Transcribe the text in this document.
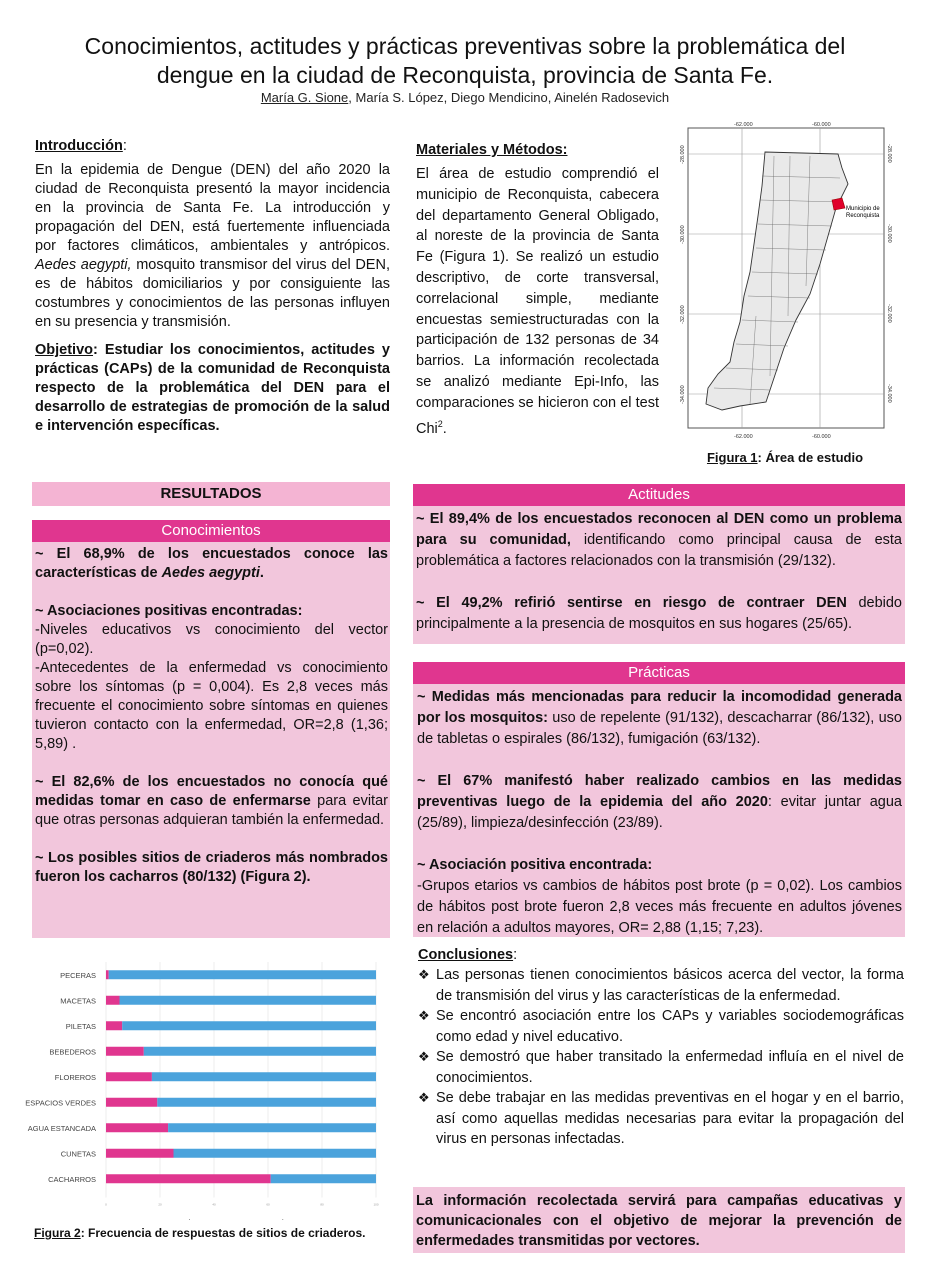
Conocimientos, actitudes y prácticas preventivas sobre la problemática del
dengue en la ciudad de Reconquista, provincia de Santa Fe.
María G. Sione, María S. López, Diego Mendicino, Ainelén Radosevich
Introducción:

En la epidemia de Dengue (DEN) del año 2020 la ciudad de Reconquista presentó la mayor incidencia en la provincia de Santa Fe. La introducción y propagación del DEN, está fuertemente influenciada por factores climáticos, ambientales y antrópicos. Aedes aegypti, mosquito transmisor del virus del DEN, es de hábitos domiciliarios y por consiguiente las costumbres y conocimientos de las personas influyen en su presencia y transmisión.

Objetivo: Estudiar los conocimientos, actitudes y prácticas (CAPs) de la comunidad de Reconquista respecto de la problemática del DEN para el desarrollo de estrategias de promoción de la salud e intervención específicas.

Materiales y Métodos:

El área de estudio comprendió el municipio de Reconquista, cabecera del departamento General Obligado, al noreste de la provincia de Santa Fe (Figura 1). Se realizó un estudio descriptivo, de corte transversal, correlacional simple, mediante encuestas semiestructuradas con la participación de 132 personas de 34 barrios. La información recolectada se analizó mediante Epi-Info, las comparaciones se hicieron con el test Chi$^2$.

Municipio de
Reconquista
-62.000	-60.000
-62.000	-60.000
-28.000
-30.000
-32.000
-34.000
-28.000
-30.000
-32.000
-34.000
Figura 1: Área de estudio
RESULTADOS
Conocimientos

~ El 68,9% de los encuestados conoce las características de Aedes aegypti.

~ Asociaciones positivas encontradas:

-Niveles educativos vs conocimiento del vector (p=0,02).

-Antecedentes de la enfermedad vs conocimiento sobre los síntomas (p = 0,004). Es 2,8 veces más frecuente el conocimiento sobre síntomas en quienes tuvieron contacto con la enfermedad, OR=2,8 (1,36; 5,89) .

~ El 82,6% de los encuestados no conocía qué medidas tomar en caso de enfermarse para evitar que otras personas adquieran también la enfermedad.

~ Los posibles sitios de criaderos más nombrados fueron los cacharros (80/132) (Figura 2).

0	20	40	60	80	100
PECERAS
MACETAS
PILETAS
BEBEDEROS
FLOREROS
ESPACIOS VERDES
AGUA ESTANCADA
CUNETAS
CACHARROS
Figura 2: Frecuencia de respuestas de sitios de criaderos.
Actitudes

~ El 89,4% de los encuestados reconocen al DEN como un problema para su comunidad, identificando como principal causa de esta problemática a factores relacionados con la transmisión (29/132).

~ El 49,2% refirió sentirse en riesgo de contraer DEN debido principalmente a la presencia de mosquitos en sus hogares (25/65).

Prácticas

~ Medidas más mencionadas para reducir la incomodidad generada por los mosquitos: uso de repelente (91/132), descacharrar (86/132), uso de tabletas o espirales (86/132), fumigación (63/132).

~ El 67% manifestó haber realizado cambios en las medidas preventivas luego de la epidemia del año 2020: evitar juntar agua (25/89), limpieza/desinfección (23/89).

~ Asociación positiva encontrada:

-Grupos etarios vs cambios de hábitos post brote (p = 0,02). Los cambios de hábitos post brote fueron 2,8 veces más frecuente en adultos jóvenes en relación a adultos mayores, OR= 2,88 (1,15; 7,23).

Conclusiones:
❖ Las personas tienen conocimientos básicos acerca del vector, la forma de transmisión del virus y las características de la enfermedad.
❖ Se encontró asociación entre los CAPs y variables sociodemográficas como edad y nivel educativo.
❖ Se demostró que haber transitado la enfermedad influía en el nivel de conocimientos.
❖ Se debe trabajar en las medidas preventivas en el hogar y en el barrio, así como aquellas medidas necesarias para evitar la propagación del virus en personas infectadas.

La información recolectada servirá para campañas educativas y comunicacionales con el objetivo de mejorar la prevención de enfermedades transmitidas por vectores.
